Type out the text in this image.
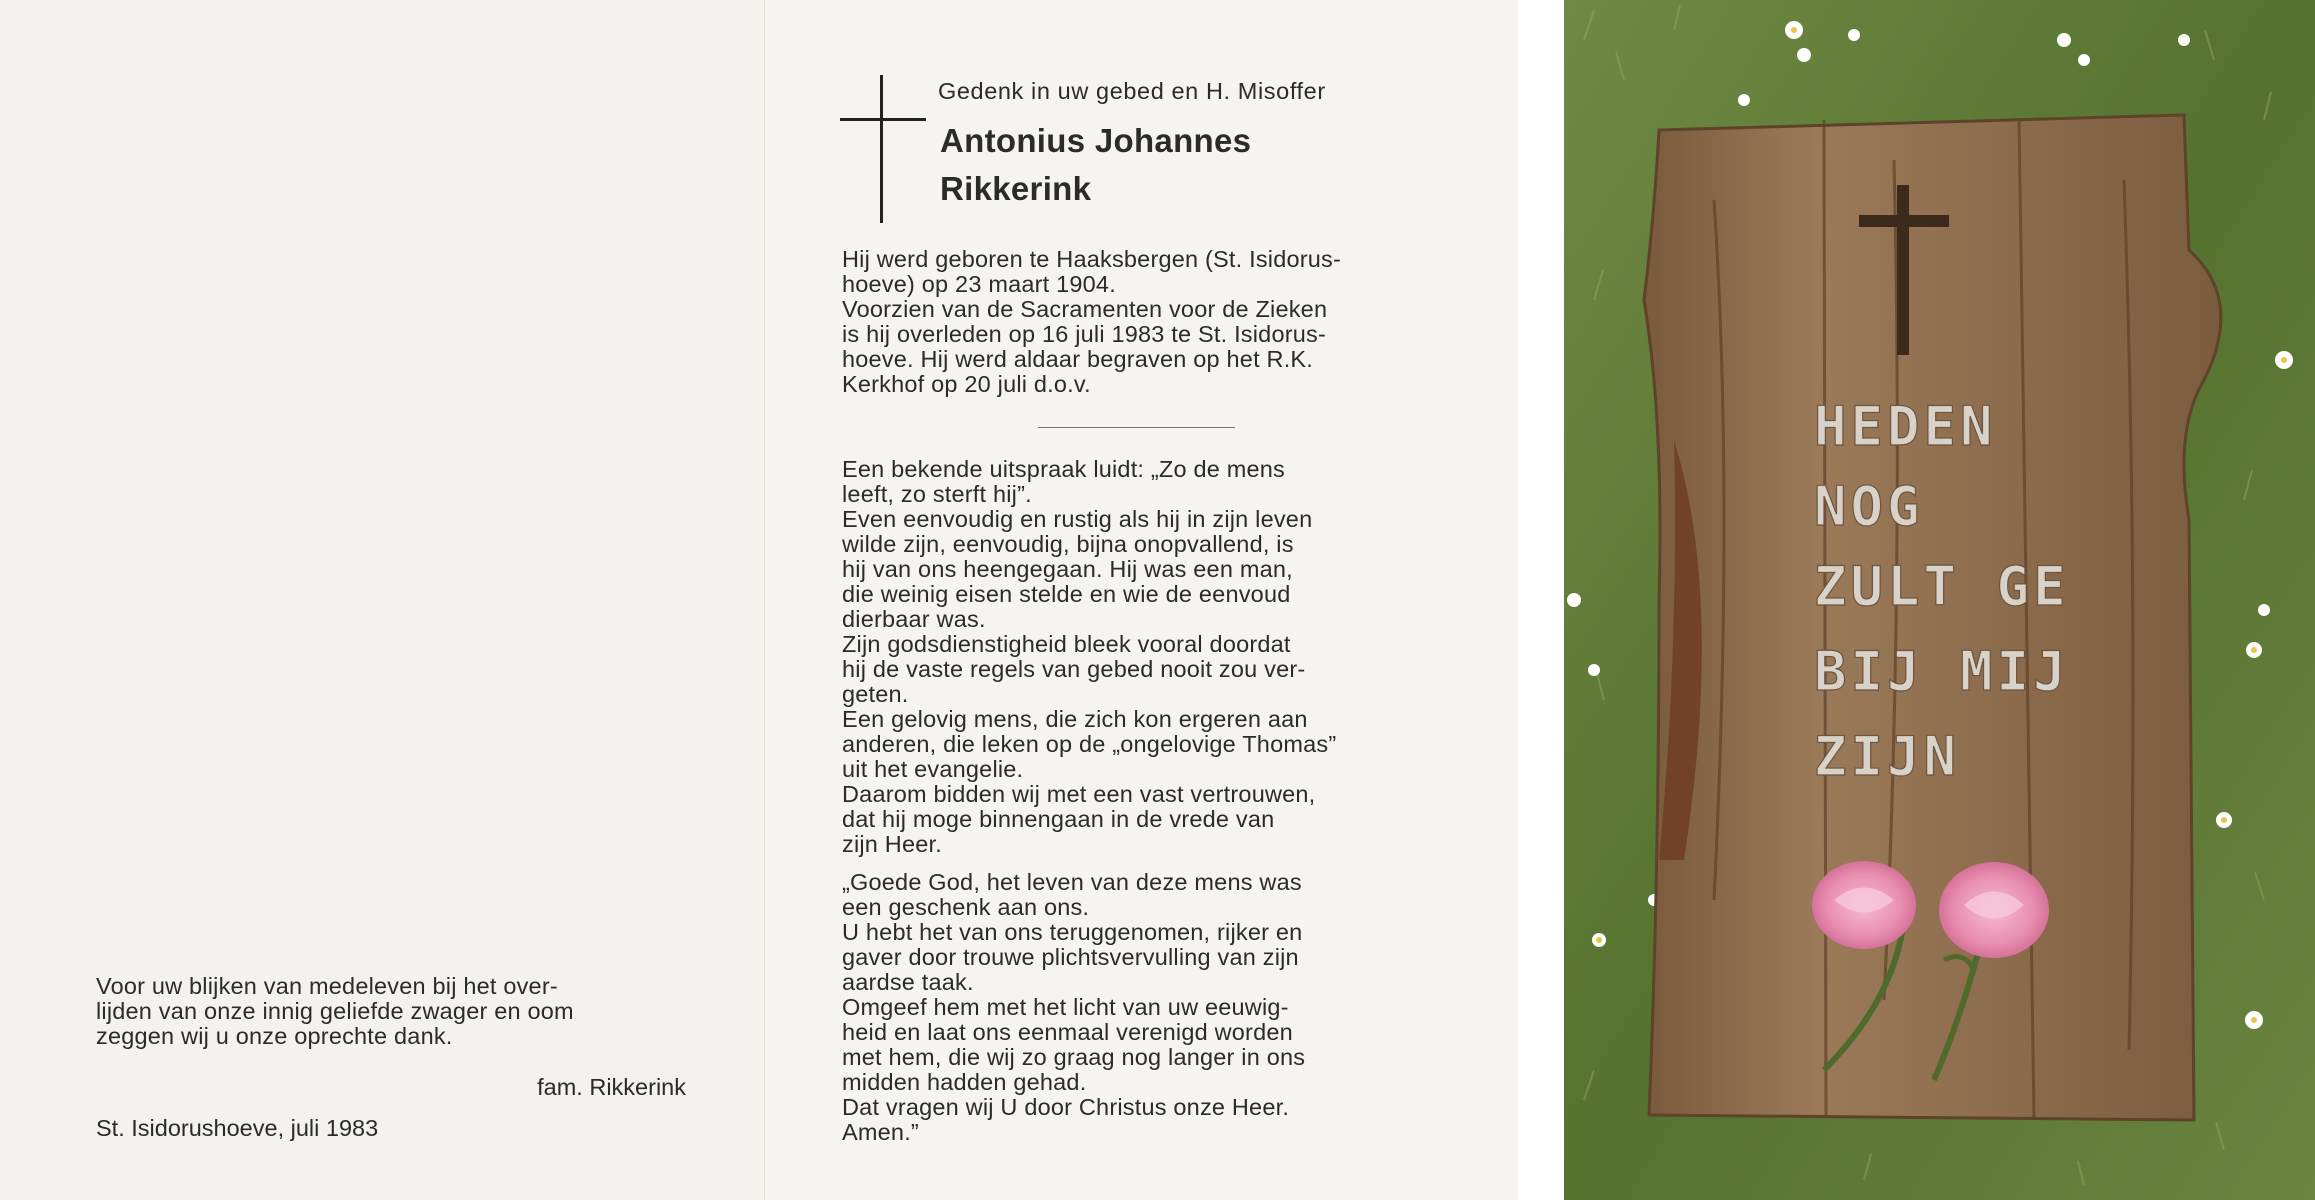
Voor uw blijken van medeleven bij het over-

lijden van onze innig geliefde zwager en oom

zeggen wij u onze oprechte dank.

fam. Rikkerink
St. Isidorushoeve, juli 1983
Gedenk in uw gebed en H. Misoffer
Antonius Johannes
Rikkerink

Hij werd geboren te Haaksbergen (St. Isidorus-

hoeve) op 23 maart 1904.

Voorzien van de Sacramenten voor de Zieken

is hij overleden op 16 juli 1983 te St. Isidorus-

hoeve. Hij werd aldaar begraven op het R.K.

Kerkhof op 20 juli d.o.v.

Een bekende uitspraak luidt: „Zo de mens

leeft, zo sterft hij”.

Even eenvoudig en rustig als hij in zijn leven

wilde zijn, eenvoudig, bijna onopvallend, is

hij van ons heengegaan. Hij was een man,

die weinig eisen stelde en wie de eenvoud

dierbaar was.

Zijn godsdienstigheid bleek vooral doordat

hij de vaste regels van gebed nooit zou ver-

geten.

Een gelovig mens, die zich kon ergeren aan

anderen, die leken op de „ongelovige Thomas”

uit het evangelie.

Daarom bidden wij met een vast vertrouwen,

dat hij moge binnengaan in de vrede van

zijn Heer.

„Goede God, het leven van deze mens was

een geschenk aan ons.

U hebt het van ons teruggenomen, rijker en

gaver door trouwe plichtsvervulling van zijn

aardse taak.

Omgeef hem met het licht van uw eeuwig-

heid en laat ons eenmaal verenigd worden

met hem, die wij zo graag nog langer in ons

midden hadden gehad.

Dat vragen wij U door Christus onze Heer.

Amen.”

HEDEN
NOG
ZULT GE
BIJ MIJ
ZIJN
